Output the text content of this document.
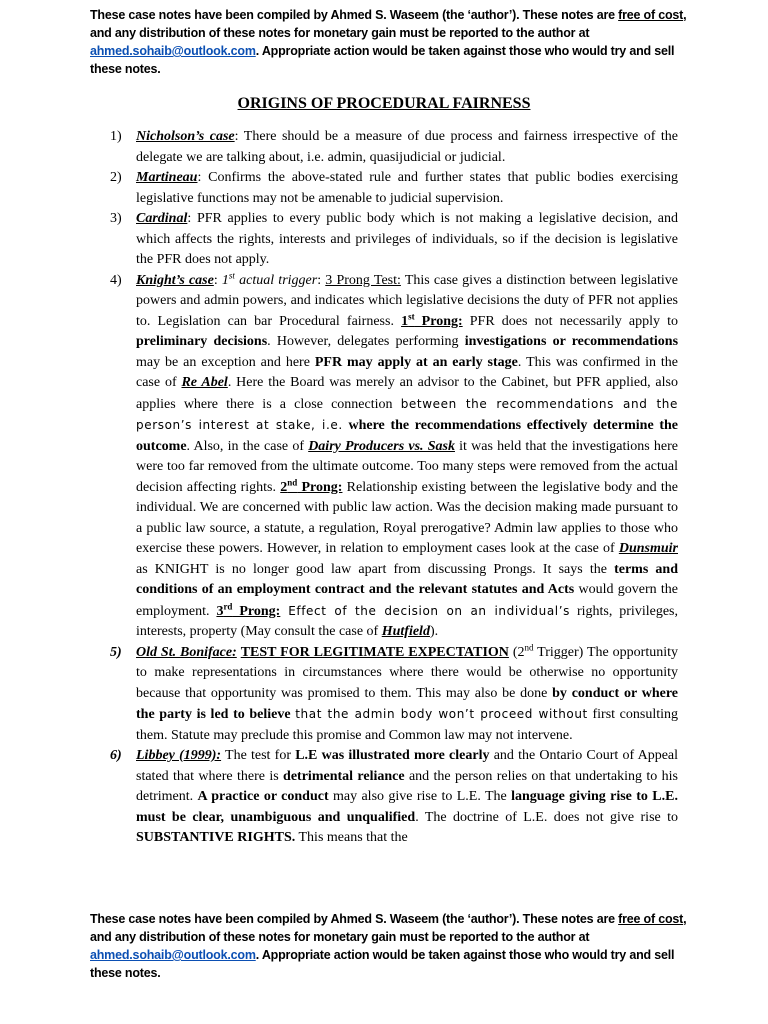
These case notes have been compiled by Ahmed S. Waseem (the ‘author’). These notes are free of cost, and any distribution of these notes for monetary gain must be reported to the author at ahmed.sohaib@outlook.com. Appropriate action would be taken against those who would try and sell these notes.
ORIGINS OF PROCEDURAL FAIRNESS
1) Nicholson’s case: There should be a measure of due process and fairness irrespective of the delegate we are talking about, i.e. admin, quasijudicial or judicial.
2) Martineau: Confirms the above-stated rule and further states that public bodies exercising legislative functions may not be amenable to judicial supervision.
3) Cardinal: PFR applies to every public body which is not making a legislative decision, and which affects the rights, interests and privileges of individuals, so if the decision is legislative the PFR does not apply.
4) Knight’s case: 1st actual trigger: 3 Prong Test: This case gives a distinction between legislative powers and admin powers, and indicates which legislative decisions the duty of PFR not applies to. Legislation can bar Procedural fairness. 1st Prong: PFR does not necessarily apply to preliminary decisions. However, delegates performing investigations or recommendations may be an exception and here PFR may apply at an early stage. This was confirmed in the case of Re Abel. Here the Board was merely an advisor to the Cabinet, but PFR applied, also applies where there is a close connection between the recommendations and the person’s interest at stake, i.e. where the recommendations effectively determine the outcome. Also, in the case of Dairy Producers vs. Sask it was held that the investigations here were too far removed from the ultimate outcome. Too many steps were removed from the actual decision affecting rights. 2nd Prong: Relationship existing between the legislative body and the individual. We are concerned with public law action. Was the decision making made pursuant to a public law source, a statute, a regulation, Royal prerogative? Admin law applies to those who exercise these powers. However, in relation to employment cases look at the case of Dunsmuir as KNIGHT is no longer good law apart from discussing Prongs. It says the terms and conditions of an employment contract and the relevant statutes and Acts would govern the employment. 3rd Prong: Effect of the decision on an individual’s rights, privileges, interests, property (May consult the case of Hutfield).
5) Old St. Boniface: TEST FOR LEGITIMATE EXPECTATION (2nd Trigger) The opportunity to make representations in circumstances where there would be otherwise no opportunity because that opportunity was promised to them. This may also be done by conduct or where the party is led to believe that the admin body won’t proceed without first consulting them. Statute may preclude this promise and Common law may not intervene.
6) Libbey (1999): The test for L.E was illustrated more clearly and the Ontario Court of Appeal stated that where there is detrimental reliance and the person relies on that undertaking to his detriment. A practice or conduct may also give rise to L.E. The language giving rise to L.E. must be clear, unambiguous and unqualified. The doctrine of L.E. does not give rise to SUBSTANTIVE RIGHTS. This means that the
These case notes have been compiled by Ahmed S. Waseem (the ‘author’). These notes are free of cost, and any distribution of these notes for monetary gain must be reported to the author at ahmed.sohaib@outlook.com. Appropriate action would be taken against those who would try and sell these notes.
